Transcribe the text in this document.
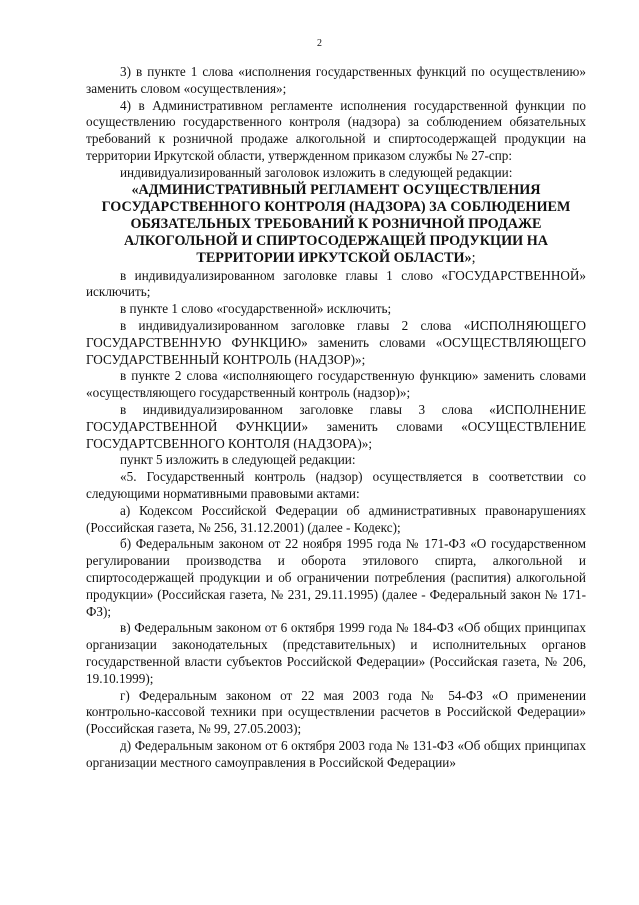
2

3) в пункте 1 слова «исполнения государственных функций по осуществлению» заменить словом «осуществления»;

4) в Административном регламенте исполнения государственной функции по осуществлению государственного контроля (надзора) за соблюдением обязательных требований к розничной продаже алкогольной и спиртосодержащей продукции на территории Иркутской области, утвержденном приказом службы № 27-спр:

индивидуализированный заголовок изложить в следующей редакции:

«АДМИНИСТРАТИВНЫЙ РЕГЛАМЕНТ ОСУЩЕСТВЛЕНИЯ ГОСУДАРСТВЕННОГО КОНТРОЛЯ (НАДЗОРА) ЗА СОБЛЮДЕНИЕМ ОБЯЗАТЕЛЬНЫХ ТРЕБОВАНИЙ К РОЗНИЧНОЙ ПРОДАЖЕ АЛКОГОЛЬНОЙ И СПИРТОСОДЕРЖАЩЕЙ ПРОДУКЦИИ НА ТЕРРИТОРИИ ИРКУТСКОЙ ОБЛАСТИ»;

в индивидуализированном заголовке главы 1 слово «ГОСУДАРСТВЕННОЙ» исключить;

в пункте 1 слово «государственной» исключить;

в индивидуализированном заголовке главы 2 слова «ИСПОЛНЯЮЩЕГО ГОСУДАРСТВЕННУЮ ФУНКЦИЮ» заменить словами «ОСУЩЕСТВЛЯЮЩЕГО ГОСУДАРСТВЕННЫЙ КОНТРОЛЬ (НАДЗОР)»;

в пункте 2 слова «исполняющего государственную функцию» заменить словами «осуществляющего государственный контроль (надзор)»;

в индивидуализированном заголовке главы 3 слова «ИСПОЛНЕНИЕ ГОСУДАРСТВЕННОЙ ФУНКЦИИ» заменить словами «ОСУЩЕСТВЛЕНИЕ ГОСУДАРТСВЕННОГО КОНТОЛЯ (НАДЗОРА)»;

пункт 5 изложить в следующей редакции:

«5. Государственный контроль (надзор) осуществляется в соответствии со следующими нормативными правовыми актами:

а) Кодексом Российской Федерации об административных правонарушениях (Российская газета, № 256, 31.12.2001) (далее - Кодекс);

б) Федеральным законом от 22 ноября 1995 года № 171-ФЗ «О государственном регулировании производства и оборота этилового спирта, алкогольной и спиртосодержащей продукции и об ограничении потребления (распития) алкогольной продукции» (Российская газета, № 231, 29.11.1995) (далее - Федеральный закон № 171-ФЗ);

в) Федеральным законом от 6 октября 1999 года № 184-ФЗ «Об общих принципах организации законодательных (представительных) и исполнительных органов государственной власти субъектов Российской Федерации» (Российская газета, № 206, 19.10.1999);

г) Федеральным законом от 22 мая 2003 года № 54-ФЗ «О применении контрольно-кассовой техники при осуществлении расчетов в Российской Федерации» (Российская газета, № 99, 27.05.2003);

д) Федеральным законом от 6 октября 2003 года № 131-ФЗ «Об общих принципах организации местного самоуправления в Российской Федерации»
